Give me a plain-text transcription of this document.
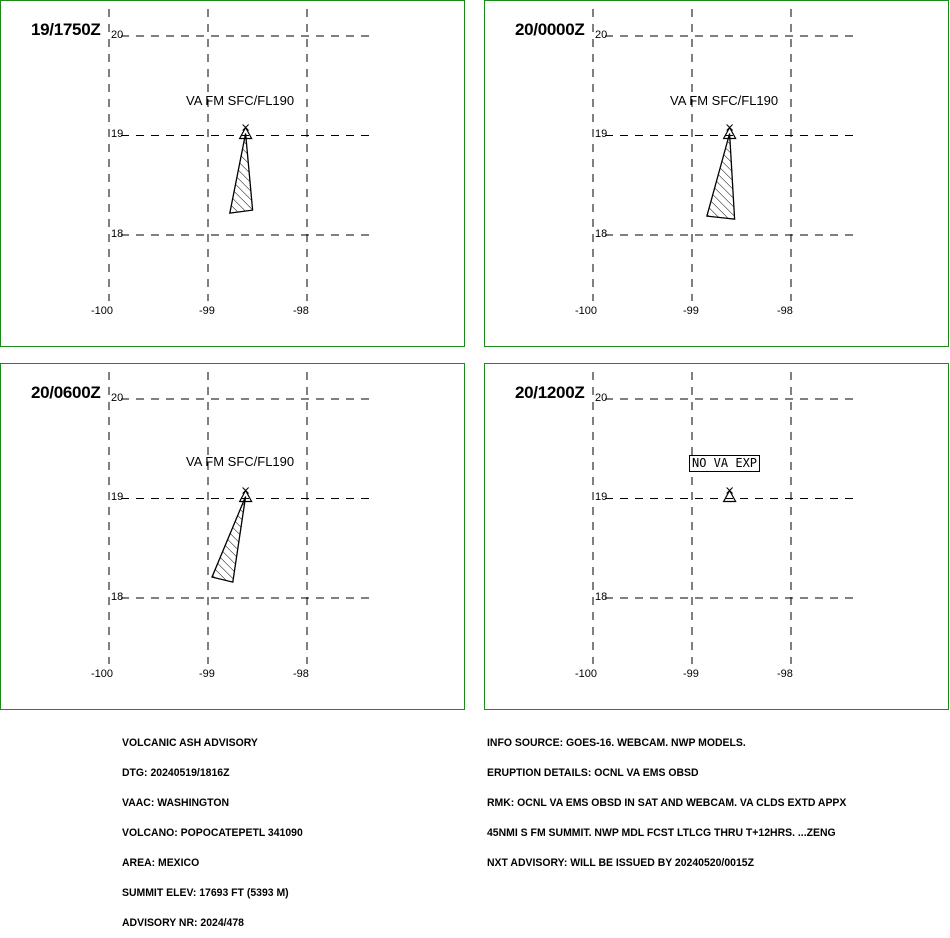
19/1750Z 20
19
18
-100	-99	-98
VA FM SFC/FL190
20/0000Z 20
19
18
-100	-99	-98
VA FM SFC/FL190
20/0600Z 20
19
18
-100	-99	-98
VA FM SFC/FL190
20/1200Z 20
19
18
-100	-99	-98
NO VA EXP

VOLCANIC ASH ADVISORY

DTG: 20240519/1816Z

VAAC: WASHINGTON

VOLCANO: POPOCATEPETL 341090

AREA: MEXICO

SUMMIT ELEV: 17693 FT (5393 M)

ADVISORY NR: 2024/478

INFO SOURCE: GOES-16. WEBCAM. NWP MODELS.

ERUPTION DETAILS: OCNL VA EMS OBSD

RMK: OCNL VA EMS OBSD IN SAT AND WEBCAM. VA CLDS EXTD APPX

45NMI S FM SUMMIT. NWP MDL FCST LTLCG THRU T+12HRS. ...ZENG

NXT ADVISORY: WILL BE ISSUED BY 20240520/0015Z
